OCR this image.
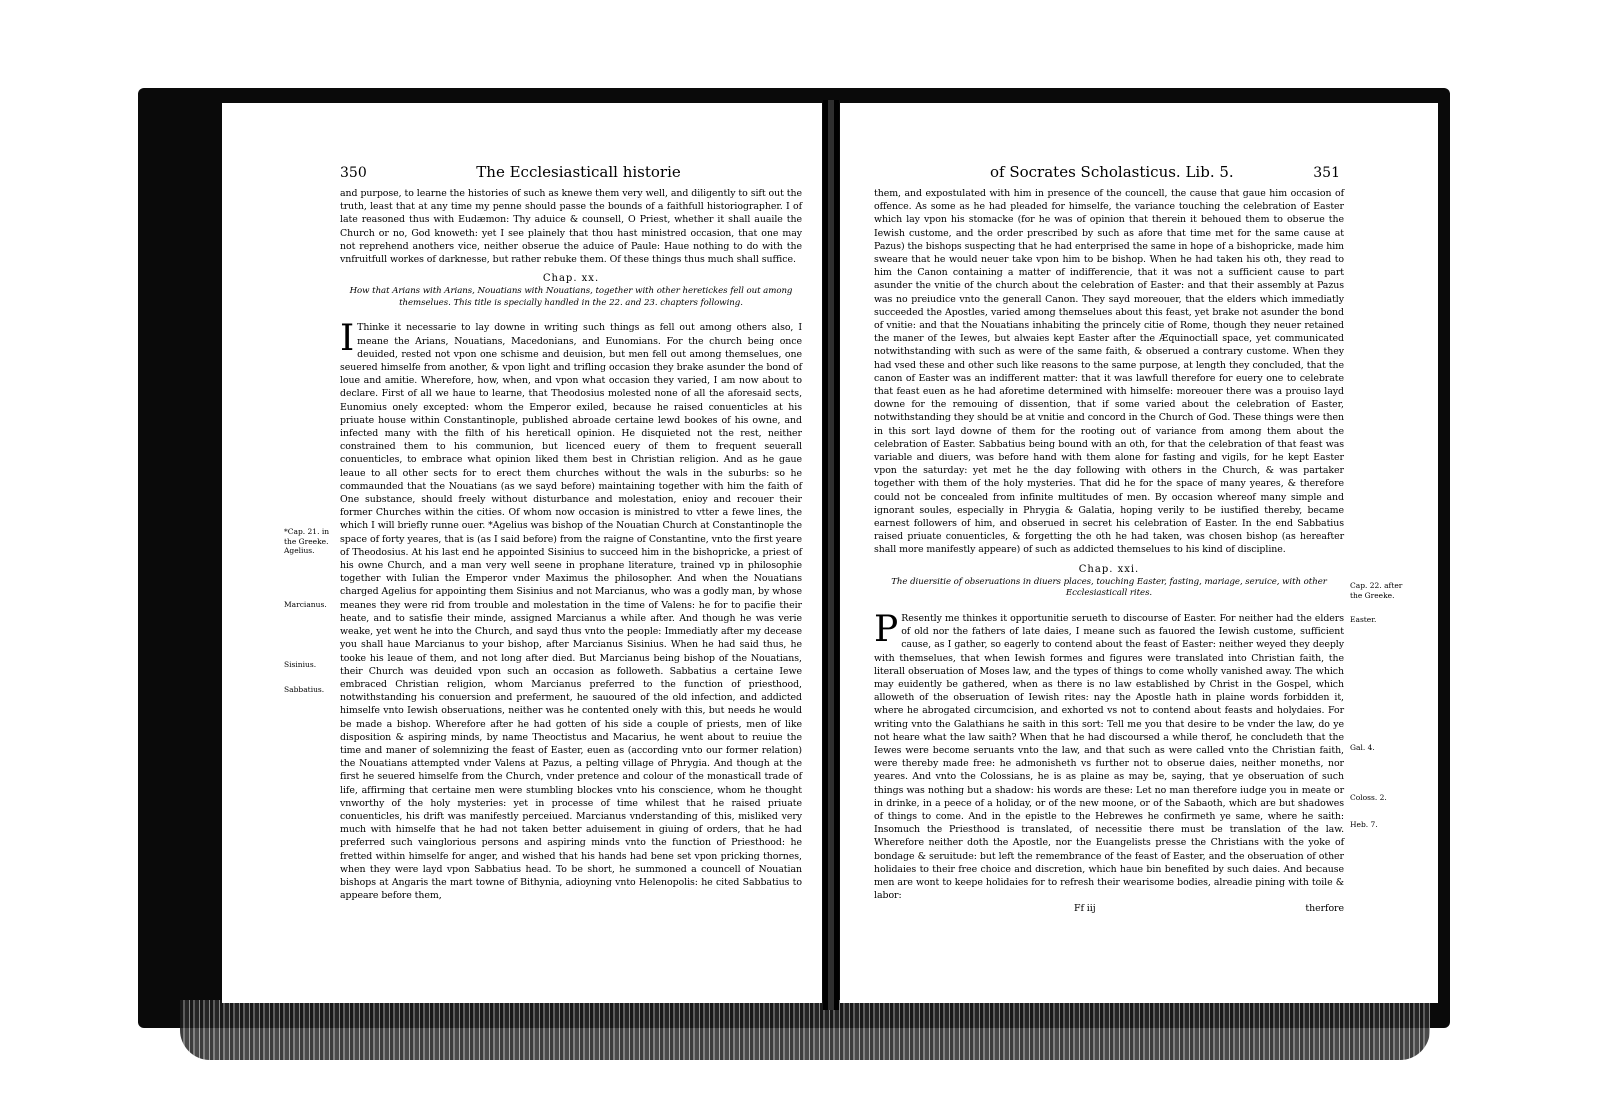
350	The Ecclesiasticall historie

and purpose, to learne the histories of such as knewe them very well, and diligently to sift out the truth, least that at any time my penne should passe the bounds of a faithfull historiographer. I of late reasoned thus with Eudæmon: Thy aduice & counsell, O Priest, whether it shall auaile the Church or no, God knoweth: yet I see plainely that thou hast ministred occasion, that one may not reprehend anothers vice, neither obserue the aduice of Paule: Haue nothing to do with the vnfruitfull workes of darknesse, but rather rebuke them. Of these things thus much shall suffice.

Chap. xx.
How that Arians with Arians, Nouatians with Nouatians, together with other heretickes fell out among themselues. This title is specially handled in the 22. and 23. chapters following.

I Thinke it necessarie to lay downe in writing such things as fell out among others also, I meane the Arians, Nouatians, Macedonians, and Eunomians. For the church being once deuided, rested not vpon one schisme and deuision, but men fell out among themselues, one seuered himselfe from another, & vpon light and trifling occasion they brake asunder the bond of loue and amitie. Wherefore, how, when, and vpon what occasion they varied, I am now about to declare. First of all we haue to learne, that Theodosius molested none of all the aforesaid sects, Eunomius onely excepted: whom the Emperor exiled, because he raised conuenticles at his priuate house within Constantinople, published abroade certaine lewd bookes of his owne, and infected many with the filth of his hereticall opinion. He disquieted not the rest, neither constrained them to his communion, but licenced euery of them to frequent seuerall conuenticles, to embrace what opinion liked them best in Christian religion. And as he gaue leaue to all other sects for to erect them churches without the wals in the suburbs: so he commaunded that the Nouatians (as we sayd before) maintaining together with him the faith of One substance, should freely without disturbance and molestation, enioy and recouer their former Churches within the cities. Of whom now occasion is ministred to vtter a fewe lines, the which I will briefly runne ouer. *Agelius was bishop of the Nouatian Church at Constantinople the space of forty yeares, that is (as I said before) from the raigne of Constantine, vnto the first yeare of Theodosius. At his last end he appointed Sisinius to succeed him in the bishopricke, a priest of his owne Church, and a man very well seene in prophane literature, trained vp in philosophie together with Iulian the Emperor vnder Maximus the philosopher. And when the Nouatians charged Agelius for appointing them Sisinius and not Marcianus, who was a godly man, by whose meanes they were rid from trouble and molestation in the time of Valens: he for to pacifie their heate, and to satisfie their minde, assigned Marcianus a while after. And though he was verie weake, yet went he into the Church, and sayd thus vnto the people: Immediatly after my decease you shall haue Marcianus to your bishop, after Marcianus Sisinius. When he had said thus, he tooke his leaue of them, and not long after died. But Marcianus being bishop of the Nouatians, their Church was deuided vpon such an occasion as followeth. Sabbatius a certaine Iewe embraced Christian religion, whom Marcianus preferred to the function of priesthood, notwithstanding his conuersion and preferment, he sauoured of the old infection, and addicted himselfe vnto Iewish obseruations, neither was he contented onely with this, but needs he would be made a bishop. Wherefore after he had gotten of his side a couple of priests, men of like disposition & aspiring minds, by name Theoctistus and Macarius, he went about to reuiue the time and maner of solemnizing the feast of Easter, euen as (according vnto our former relation) the Nouatians attempted vnder Valens at Pazus, a pelting village of Phrygia. And though at the first he seuered himselfe from the Church, vnder pretence and colour of the monasticall trade of life, affirming that certaine men were stumbling blockes vnto his conscience, whom he thought vnworthy of the holy mysteries: yet in processe of time whilest that he raised priuate conuenticles, his drift was manifestly perceiued. Marcianus vnderstanding of this, misliked very much with himselfe that he had not taken better aduisement in giuing of orders, that he had preferred such vainglorious persons and aspiring minds vnto the function of Priesthood: he fretted within himselfe for anger, and wished that his hands had bene set vpon pricking thornes, when they were layd vpon Sabbatius head. To be short, he summoned a councell of Nouatian bishops at Angaris the mart towne of Bithynia, adioyning vnto Helenopolis: he cited Sabbatius to appeare before them,

*Cap. 21. in the Greeke. Agelius.
Marcianus.
Sisinius.
Sabbatius.
of Socrates Scholasticus. Lib. 5.	351

them, and expostulated with him in presence of the councell, the cause that gaue him occasion of offence. As some as he had pleaded for himselfe, the variance touching the celebration of Easter which lay vpon his stomacke (for he was of opinion that therein it behoued them to obserue the Iewish custome, and the order prescribed by such as afore that time met for the same cause at Pazus) the bishops suspecting that he had enterprised the same in hope of a bishopricke, made him sweare that he would neuer take vpon him to be bishop. When he had taken his oth, they read to him the Canon containing a matter of indifferencie, that it was not a sufficient cause to part asunder the vnitie of the church about the celebration of Easter: and that their assembly at Pazus was no preiudice vnto the generall Canon. They sayd moreouer, that the elders which immediatly succeeded the Apostles, varied among themselues about this feast, yet brake not asunder the bond of vnitie: and that the Nouatians inhabiting the princely citie of Rome, though they neuer retained the maner of the Iewes, but alwaies kept Easter after the Æquinoctiall space, yet communicated notwithstanding with such as were of the same faith, & obserued a contrary custome. When they had vsed these and other such like reasons to the same purpose, at length they concluded, that the canon of Easter was an indifferent matter: that it was lawfull therefore for euery one to celebrate that feast euen as he had aforetime determined with himselfe: moreouer there was a prouiso layd downe for the remouing of dissention, that if some varied about the celebration of Easter, notwithstanding they should be at vnitie and concord in the Church of God. These things were then in this sort layd downe of them for the rooting out of variance from among them about the celebration of Easter. Sabbatius being bound with an oth, for that the celebration of that feast was variable and diuers, was before hand with them alone for fasting and vigils, for he kept Easter vpon the saturday: yet met he the day following with others in the Church, & was partaker together with them of the holy mysteries. That did he for the space of many yeares, & therefore could not be concealed from infinite multitudes of men. By occasion whereof many simple and ignorant soules, especially in Phrygia & Galatia, hoping verily to be iustified thereby, became earnest followers of him, and obserued in secret his celebration of Easter. In the end Sabbatius raised priuate conuenticles, & forgetting the oth he had taken, was chosen bishop (as hereafter shall more manifestly appeare) of such as addicted themselues to his kind of discipline.

Chap. xxi.
The diuersitie of obseruations in diuers places, touching Easter, fasting, mariage, seruice, with other Ecclesiasticall rites.

P Resently me thinkes it opportunitie serueth to discourse of Easter. For neither had the elders of old nor the fathers of late daies, I meane such as fauored the Iewish custome, sufficient cause, as I gather, so eagerly to contend about the feast of Easter: neither weyed they deeply with themselues, that when Iewish formes and figures were translated into Christian faith, the literall obseruation of Moses law, and the types of things to come wholly vanished away. The which may euidently be gathered, when as there is no law established by Christ in the Gospel, which alloweth of the obseruation of Iewish rites: nay the Apostle hath in plaine words forbidden it, where he abrogated circumcision, and exhorted vs not to contend about feasts and holydaies. For writing vnto the Galathians he saith in this sort: Tell me you that desire to be vnder the law, do ye not heare what the law saith? When that he had discoursed a while therof, he concludeth that the Iewes were become seruants vnto the law, and that such as were called vnto the Christian faith, were thereby made free: he admonisheth vs further not to obserue daies, neither moneths, nor yeares. And vnto the Colossians, he is as plaine as may be, saying, that ye obseruation of such things was nothing but a shadow: his words are these: Let no man therefore iudge you in meate or in drinke, in a peece of a holiday, or of the new moone, or of the Sabaoth, which are but shadowes of things to come. And in the epistle to the Hebrewes he confirmeth ye same, where he saith: Insomuch the Priesthood is translated, of necessitie there must be translation of the law. Wherefore neither doth the Apostle, nor the Euangelists presse the Christians with the yoke of bondage & seruitude: but left the remembrance of the feast of Easter, and the obseruation of other holidaies to their free choice and discretion, which haue bin benefited by such daies. And because men are wont to keepe holidaies for to refresh their wearisome bodies, alreadie pining with toile & labor:

Ff iij	therfore
Cap. 22. after the Greeke.
Easter.
Gal. 4.
Coloss. 2.
Heb. 7.
